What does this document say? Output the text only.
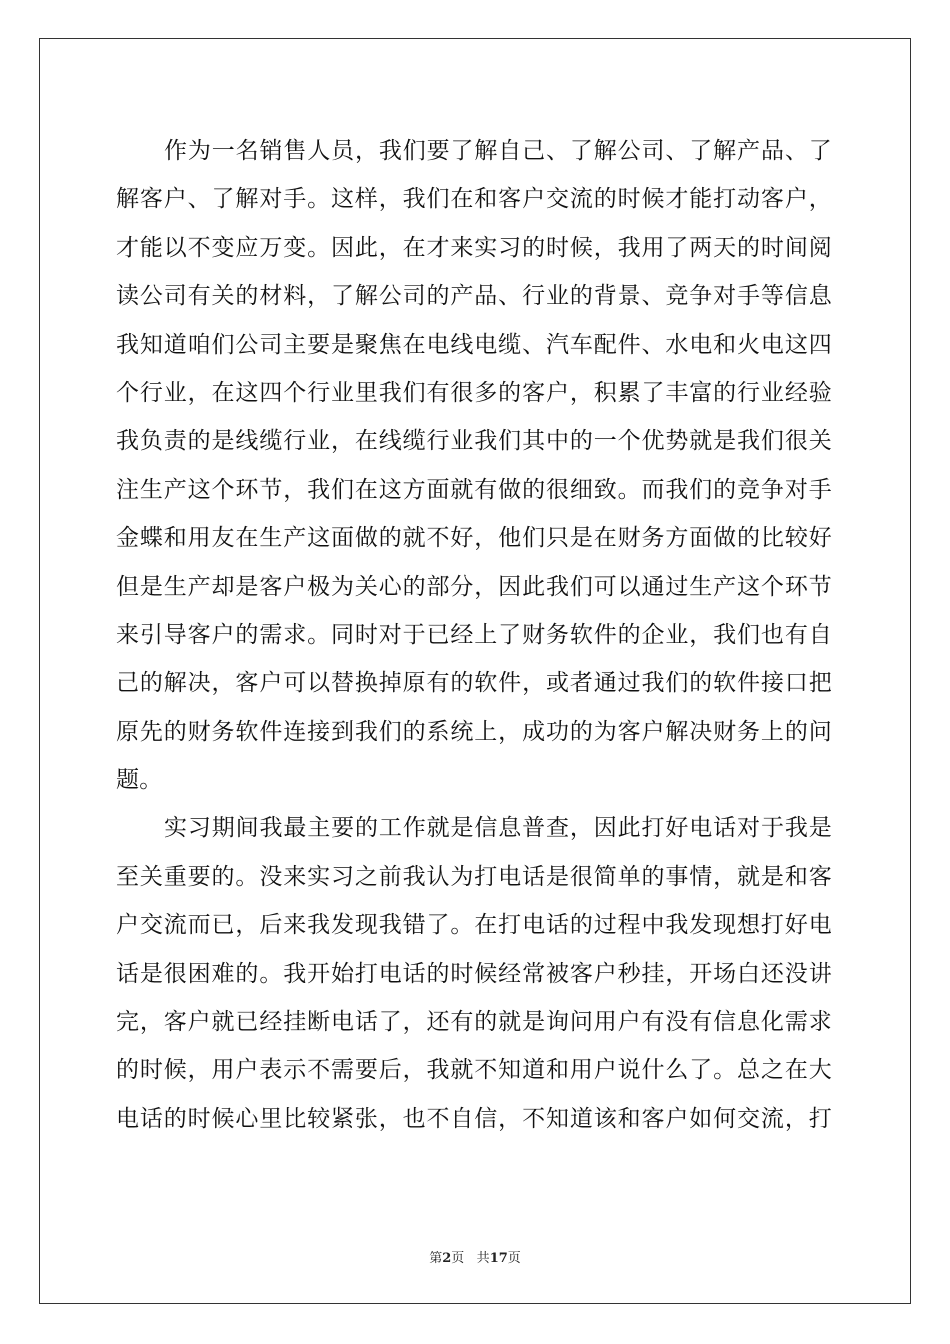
作为一名销售人员，我们要了解自己、了解公司、了解产品、了
解客户、了解对手。这样，我们在和客户交流的时候才能打动客户，
才能以不变应万变。因此，在才来实习的时候，我用了两天的时间阅
读公司有关的材料，了解公司的产品、行业的背景、竞争对手等信息
我知道咱们公司主要是聚焦在电线电缆、汽车配件、水电和火电这四
个行业，在这四个行业里我们有很多的客户，积累了丰富的行业经验
我负责的是线缆行业，在线缆行业我们其中的一个优势就是我们很关
注生产这个环节，我们在这方面就有做的很细致。而我们的竞争对手
金蝶和用友在生产这面做的就不好，他们只是在财务方面做的比较好
但是生产却是客户极为关心的部分，因此我们可以通过生产这个环节
来引导客户的需求。同时对于已经上了财务软件的企业，我们也有自
己的解决，客户可以替换掉原有的软件，或者通过我们的软件接口把
原先的财务软件连接到我们的系统上，成功的为客户解决财务上的问
题。
实习期间我最主要的工作就是信息普查，因此打好电话对于我是
至关重要的。没来实习之前我认为打电话是很简单的事情，就是和客
户交流而已，后来我发现我错了。在打电话的过程中我发现想打好电
话是很困难的。我开始打电话的时候经常被客户秒挂，开场白还没讲
完，客户就已经挂断电话了，还有的就是询问用户有没有信息化需求
的时候，用户表示不需要后，我就不知道和用户说什么了。总之在大
电话的时候心里比较紧张，也不自信，不知道该和客户如何交流，打
第2页 共17页
